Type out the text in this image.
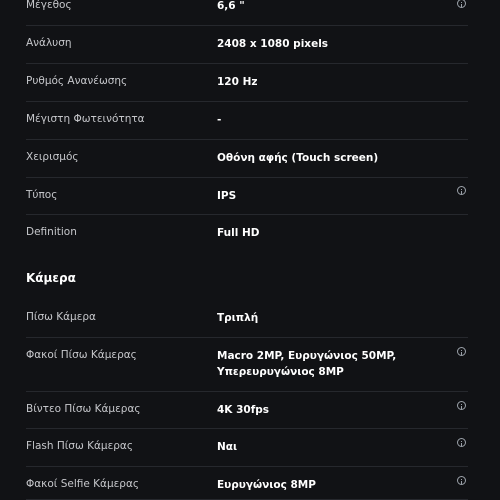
Μέγεθος	6,6 "
Ανάλυση	2408 x 1080 pixels
Ρυθμός Ανανέωσης	120 Hz
Μέγιστη Φωτεινότητα	-
Χειρισμός	Οθόνη αφής (Touch screen)
Τύπος	IPS
Definition	Full HD
Κάμερα
Πίσω Κάμερα	Τριπλή
Φακοί Πίσω Κάμερας	Macro 2MP, Ευρυγώνιος 50MP,
Υπερευρυγώνιος 8MP
Βίντεο Πίσω Κάμερας	4K 30fps
Flash Πίσω Κάμερας	Ναι
Φακοί Selfie Κάμερας	Ευρυγώνιος 8MP
